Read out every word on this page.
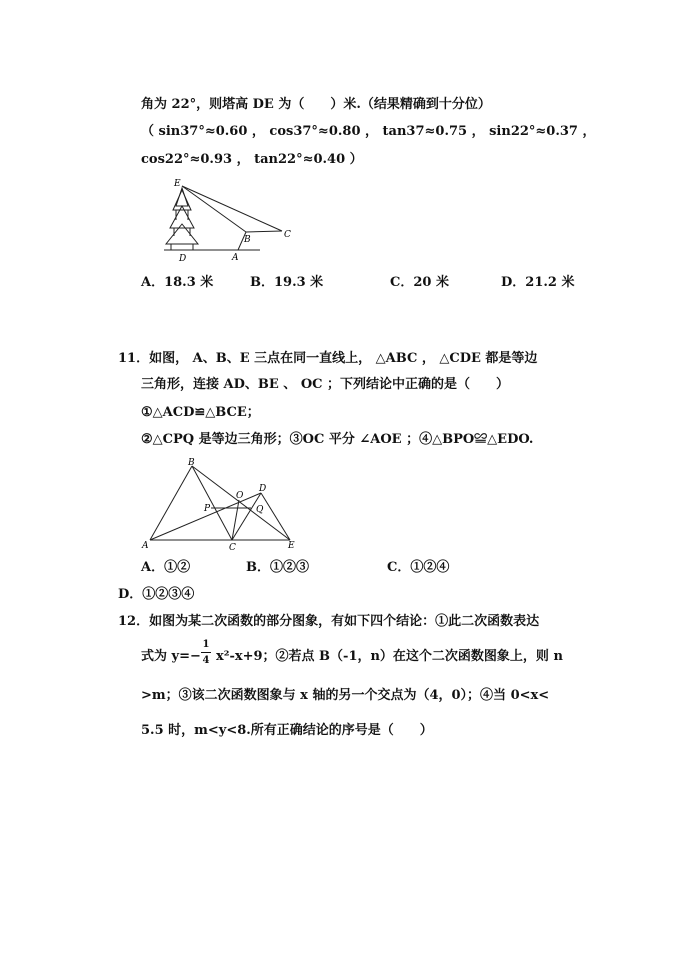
角为 22°，则塔高 DE 为（　　）米.（结果精确到十分位）
（ sin37°≈0.60 ， cos37°≈0.80 ， tan37≈0.75 ， sin22°≈0.37 ，
cos22°≈0.93 ， tan22°≈0.40 ）
E
C
B
D	A
A．18.3 米	B．19.3 米	C．20 米	D．21.2 米
11．如图， A、B、E 三点在同一直线上， △ABC ， △CDE 都是等边
三角形，连接 AD、BE 、 OC ；下列结论中正确的是（　　）
①△ACD≌△BCE；
②△CPQ 是等边三角形；③OC 平分 ∠AOE ；④△BPO≌△EDO.
B
D
O
P	Q
A	C	E
A．①②	B．①②③	C．①②④
D．①②③④
12．如图为某二次函数的部分图象，有如下四个结论：①此二次函数表达
式为 y=−
1
4 x²-x+9；②若点 B（-1，n）在这个二次函数图象上，则 n
>m；③该二次函数图象与 x 轴的另一个交点为（4，0）；④当 0<x<
5.5 时，m<y<8.所有正确结论的序号是（　　）
